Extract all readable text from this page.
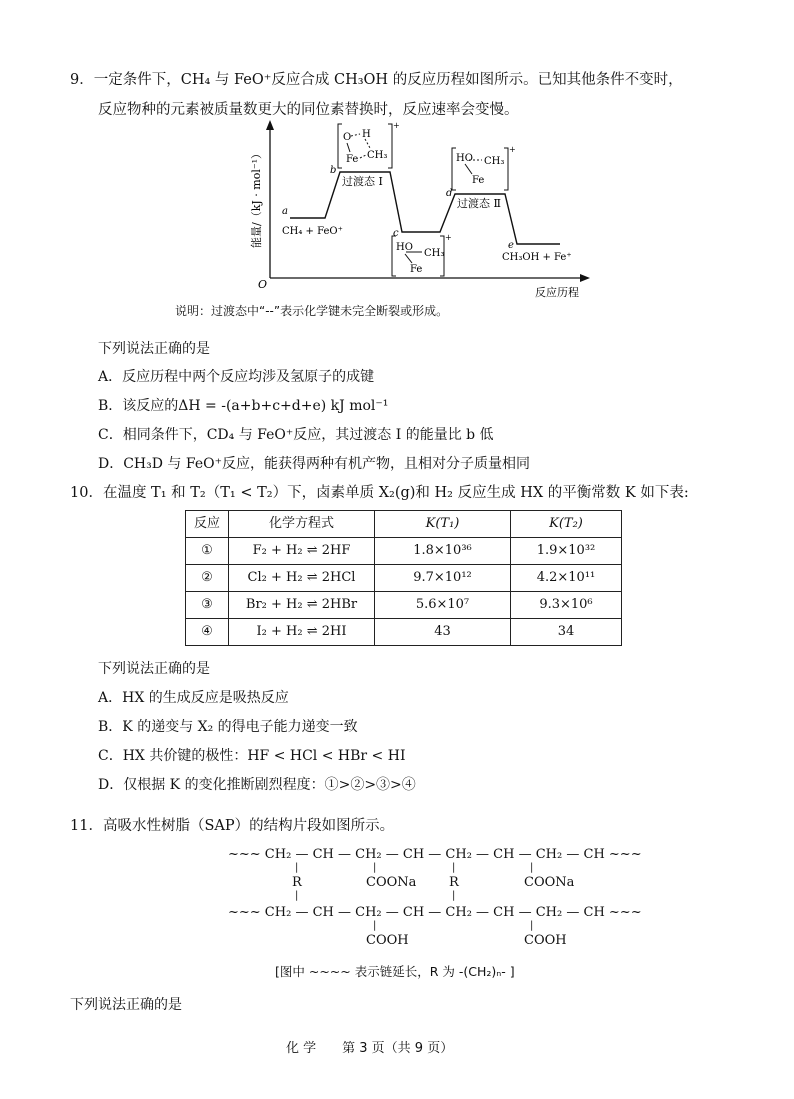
9．一定条件下，CH₄ 与 FeO⁺反应合成 CH₃OH 的反应历程如图所示。已知其他条件不变时，
反应物种的元素被质量数更大的同位素替换时，反应速率会变慢。
能量/（kJ · mol⁻¹）
O
a
b
c
d
e
CH₄ + FeO⁺
过渡态 Ⅰ
过渡态 Ⅱ
CH₃OH + Fe⁺
O H
Fe CH₃
+
HO
CH₃
Fe
+
HO CH₃
Fe
+
反应历程
说明：过渡态中“--”表示化学键未完全断裂或形成。
下列说法正确的是
A．反应历程中两个反应均涉及氢原子的成键
B．该反应的ΔH = -(a+b+c+d+e) kJ mol⁻¹
C．相同条件下，CD₄ 与 FeO⁺反应，其过渡态 I 的能量比 b 低
D．CH₃D 与 FeO⁺反应，能获得两种有机产物，且相对分子质量相同
10．在温度 T₁ 和 T₂（T₁ < T₂）下，卤素单质 X₂(g)和 H₂ 反应生成 HX 的平衡常数 K 如下表:
反应	化学方程式	K(T₁)	K(T₂)
①	F₂ + H₂ ⇌ 2HF	1.8×10³⁶	1.9×10³²
②	Cl₂ + H₂ ⇌ 2HCl	9.7×10¹²	4.2×10¹¹
③	Br₂ + H₂ ⇌ 2HBr	5.6×10⁷	9.3×10⁶
④	I₂ + H₂ ⇌ 2HI	43	34
下列说法正确的是
A．HX 的生成反应是吸热反应
B．K 的递变与 X₂ 的得电子能力递变一致
C．HX 共价键的极性：HF < HCl < HBr < HI
D．仅根据 K 的变化推断剧烈程度：①>②>③>④
11．高吸水性树脂（SAP）的结构片段如图所示。
~~~ CH₂ — CH — CH₂ — CH — CH₂ — CH — CH₂ — CH ~~~
|	|	|	|
R	COONa	R	COONa
|	|
~~~ CH₂ — CH — CH₂ — CH — CH₂ — CH — CH₂ — CH ~~~
|	|
COOH	COOH
[图中 ~~~~ 表示链延长，R 为 -(CH₂)ₙ- ]
下列说法正确的是
化 学　　第 3 页（共 9 页）
